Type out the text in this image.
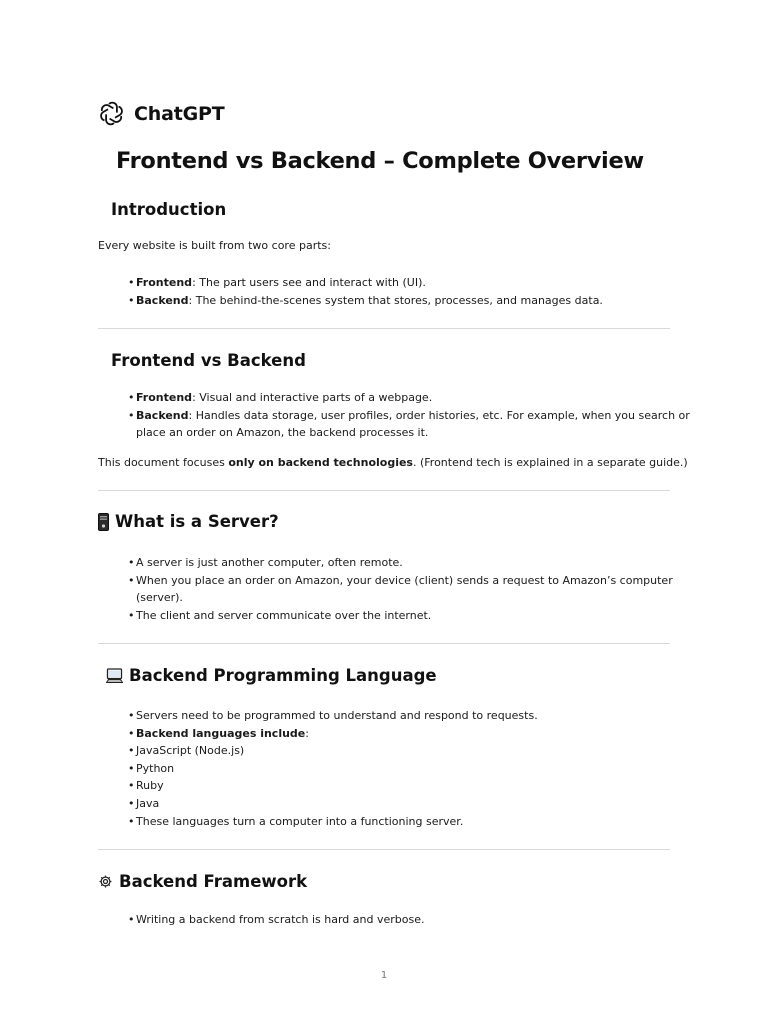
ChatGPT
Frontend vs Backend – Complete Overview
Introduction

Every website is built from two core parts:

• Frontend: The part users see and interact with (UI).
• Backend: The behind-the-scenes system that stores, processes, and manages data.
Frontend vs Backend
• Frontend: Visual and interactive parts of a webpage.
• Backend: Handles data storage, user profiles, order histories, etc. For example, when you search or
place an order on Amazon, the backend processes it.

This document focuses only on backend technologies. (Frontend tech is explained in a separate guide.)

What is a Server?
• A server is just another computer, often remote.
• When you place an order on Amazon, your device (client) sends a request to Amazon’s computer
(server).
• The client and server communicate over the internet.
Backend Programming Language
• Servers need to be programmed to understand and respond to requests.
• Backend languages include:
• JavaScript (Node.js)
• Python
• Ruby
• Java
• These languages turn a computer into a functioning server.
Backend Framework
• Writing a backend from scratch is hard and verbose.
1
